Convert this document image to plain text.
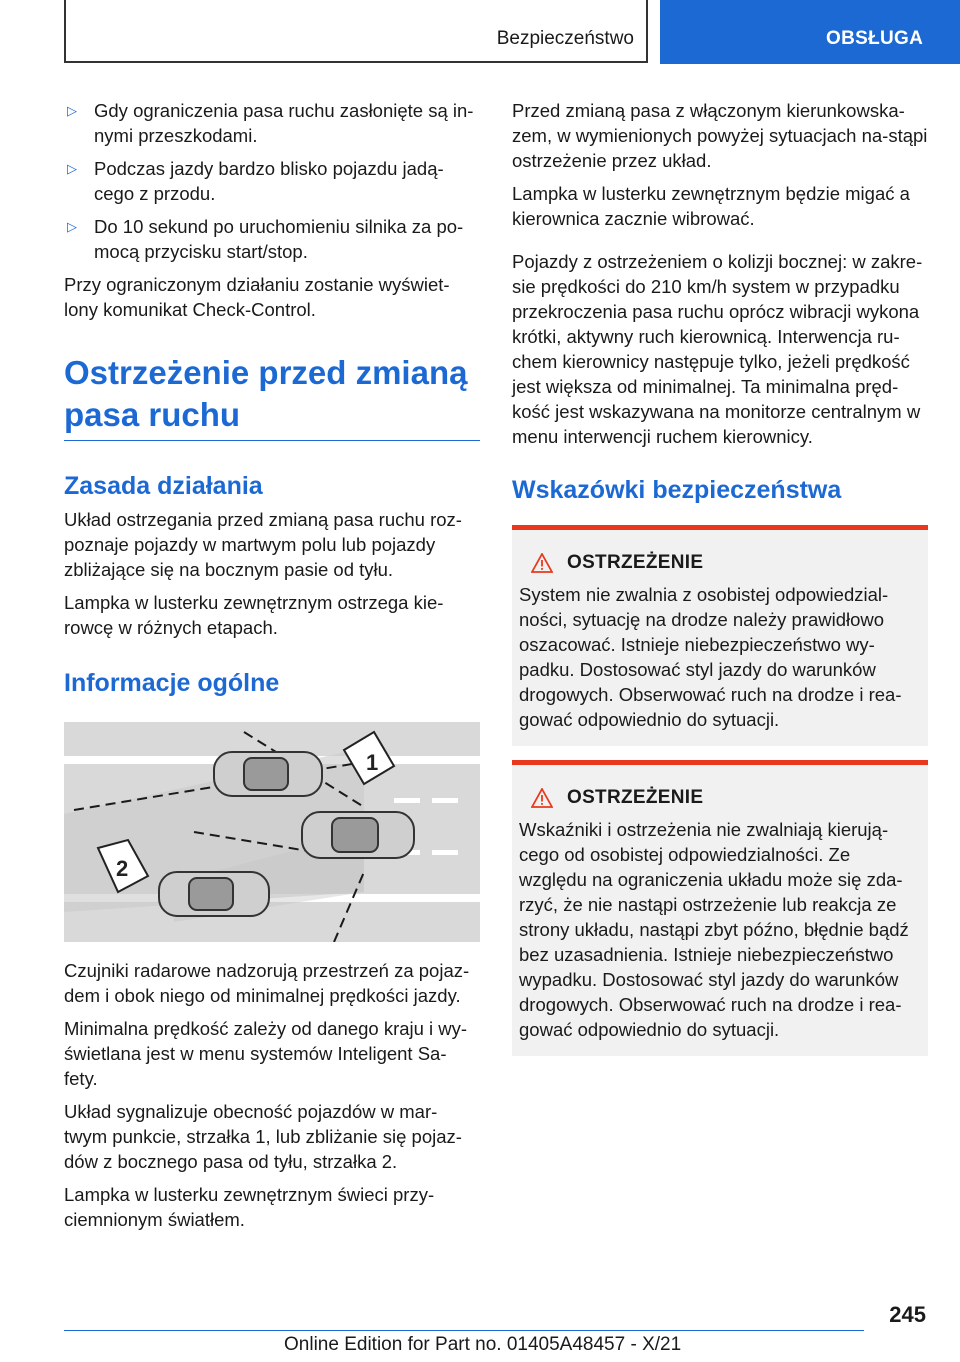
Bezpieczeństwo	OBSŁUGA
▷ Gdy ograniczenia pasa ruchu zasłonięte są in-nymi przeszkodami.
▷ Podczas jazdy bardzo blisko pojazdu jadą-cego z przodu.
▷ Do 10 sekund po uruchomieniu silnika za po-mocą przycisku start/stop.

Przy ograniczonym działaniu zostanie wyświet-lony komunikat Check-Control.

Ostrzeżenie przed zmianą pasa ruchu
Zasada działania

Układ ostrzegania przed zmianą pasa ruchu roz-poznaje pojazdy w martwym polu lub pojazdy zbliżające się na bocznym pasie od tyłu.

Lampka w lusterku zewnętrznym ostrzega kie-rowcę w różnych etapach.

Informacje ogólne
1
2

Czujniki radarowe nadzorują przestrzeń za pojaz-dem i obok niego od minimalnej prędkości jazdy.

Minimalna prędkość zależy od danego kraju i wy-świetlana jest w menu systemów Inteligent Sa-fety.

Układ sygnalizuje obecność pojazdów w mar-twym punkcie, strzałka 1, lub zbliżanie się pojaz-dów z bocznego pasa od tyłu, strzałka 2.

Lampka w lusterku zewnętrznym świeci przy-ciemnionym światłem.

Przed zmianą pasa z włączonym kierunkowska-zem, w wymienionych powyżej sytuacjach na-stąpi ostrzeżenie przez układ.

Lampka w lusterku zewnętrznym będzie migać a kierownica zacznie wibrować.

Pojazdy z ostrzeżeniem o kolizji bocznej: w zakre-sie prędkości do 210 km/h system w przypadku przekroczenia pasa ruchu oprócz wibracji wykona krótki, aktywny ruch kierownicą. Interwencja ru-chem kierownicy następuje tylko, jeżeli prędkość jest większa od minimalnej. Ta minimalna pręd-kość jest wskazywana na monitorze centralnym w menu interwencji ruchem kierownicy.

Wskazówki bezpieczeństwa
OSTRZEŻENIE

System nie zwalnia z osobistej odpowiedzial-ności, sytuację na drodze należy prawidłowo oszacować. Istnieje niebezpieczeństwo wy-padku. Dostosować styl jazdy do warunków drogowych. Obserwować ruch na drodze i rea-gować odpowiednio do sytuacji.

OSTRZEŻENIE

Wskaźniki i ostrzeżenia nie zwalniają kierują-cego od osobistej odpowiedzialności. Ze względu na ograniczenia układu może się zda-rzyć, że nie nastąpi ostrzeżenie lub reakcja ze strony układu, nastąpi zbyt późno, błędnie bądź bez uzasadnienia. Istnieje niebezpieczeństwo wypadku. Dostosować styl jazdy do warunków drogowych. Obserwować ruch na drodze i rea-gować odpowiednio do sytuacji.

245
Online Edition for Part no. 01405A48457 - X/21
